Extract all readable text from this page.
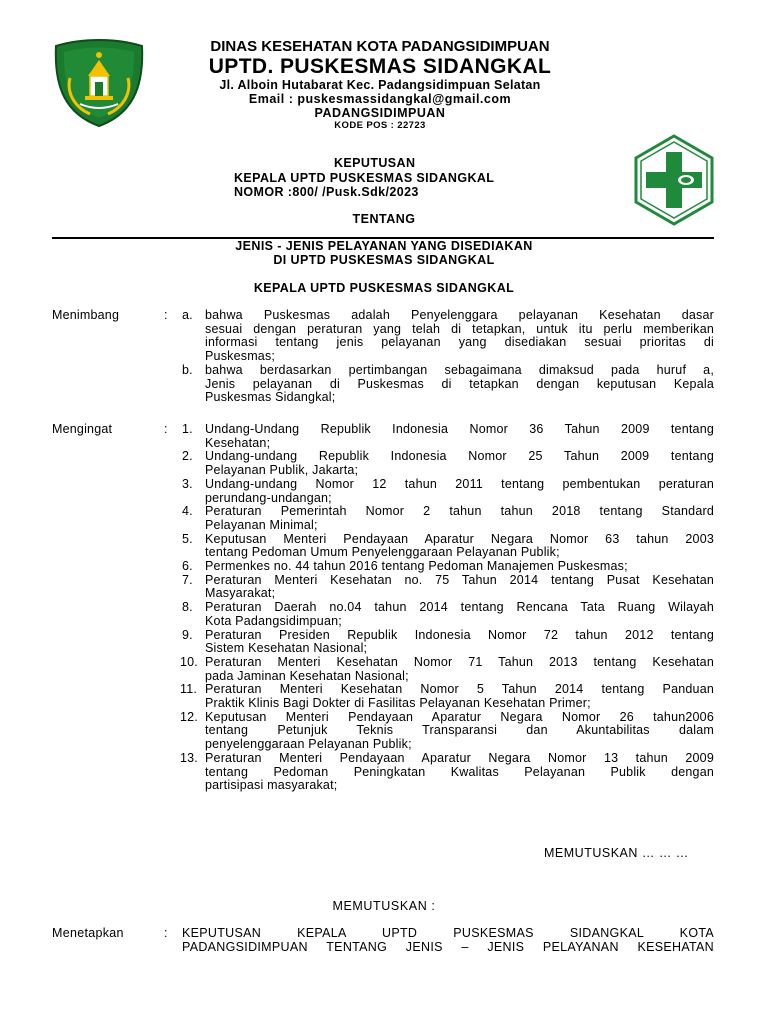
DINAS KESEHATAN KOTA PADANGSIDIMPUAN
UPTD. PUSKESMAS SIDANGKAL
Jl. Alboin Hutabarat Kec. Padangsidimpuan Selatan
Email : puskesmassidangkal@gmail.com
PADANGSIDIMPUAN
KODE POS : 22723
KEPUTUSAN
KEPALA UPTD PUSKESMAS SIDANGKAL
NOMOR :800/ /Pusk.Sdk/2023
TENTANG
JENIS - JENIS PELAYANAN YANG DISEDIAKAN
DI UPTD PUSKESMAS SIDANGKAL
KEPALA UPTD PUSKESMAS SIDANGKAL
Menimbang	: a. bahwa Puskesmas adalah Penyelenggara pelayanan Kesehatan dasar
sesuai dengan peraturan yang telah di tetapkan, untuk itu perlu memberikan
informasi tentang jenis pelayanan yang disediakan sesuai prioritas di
Puskesmas;
b. bahwa berdasarkan pertimbangan sebagaimana dimaksud pada huruf a,
Jenis pelayanan di Puskesmas di tetapkan dengan keputusan Kepala
Puskesmas Sidangkal;
Mengingat	: 1. Undang-Undang Republik Indonesia Nomor 36 Tahun 2009 tentang
Kesehatan;
2. Undang-undang Republik Indonesia Nomor 25 Tahun 2009 tentang
Pelayanan Publik, Jakarta;
3. Undang-undang Nomor 12 tahun 2011 tentang pembentukan peraturan
perundang-undangan;
4. Peraturan Pemerintah Nomor 2 tahun tahun 2018 tentang Standard
Pelayanan Minimal;
5. Keputusan Menteri Pendayaan Aparatur Negara Nomor 63 tahun 2003
tentang Pedoman Umum Penyelenggaraan Pelayanan Publik;
6. Permenkes no. 44 tahun 2016 tentang Pedoman Manajemen Puskesmas;
7. Peraturan Menteri Kesehatan no. 75 Tahun 2014 tentang Pusat Kesehatan
Masyarakat;
8. Peraturan Daerah no.04 tahun 2014 tentang Rencana Tata Ruang Wilayah
Kota Padangsidimpuan;
9. Peraturan Presiden Republik Indonesia Nomor 72 tahun 2012 tentang
Sistem Kesehatan Nasional;
10. Peraturan Menteri Kesehatan Nomor 71 Tahun 2013 tentang Kesehatan
pada Jaminan Kesehatan Nasional;
11. Peraturan Menteri Kesehatan Nomor 5 Tahun 2014 tentang Panduan
Praktik Klinis Bagi Dokter di Fasilitas Pelayanan Kesehatan Primer;
12. Keputusan Menteri Pendayaan Aparatur Negara Nomor 26 tahun2006
tentang Petunjuk Teknis Transparansi dan Akuntabilitas dalam
penyelenggaraan Pelayanan Publik;
13. Peraturan Menteri Pendayaan Aparatur Negara Nomor 13 tahun 2009
tentang Pedoman Peningkatan Kwalitas Pelayanan Publik dengan
partisipasi masyarakat;
MEMUTUSKAN … … …
MEMUTUSKAN :
Menetapkan	: KEPUTUSAN KEPALA UPTD PUSKESMAS SIDANGKAL KOTA
PADANGSIDIMPUAN TENTANG JENIS – JENIS PELAYANAN KESEHATAN
